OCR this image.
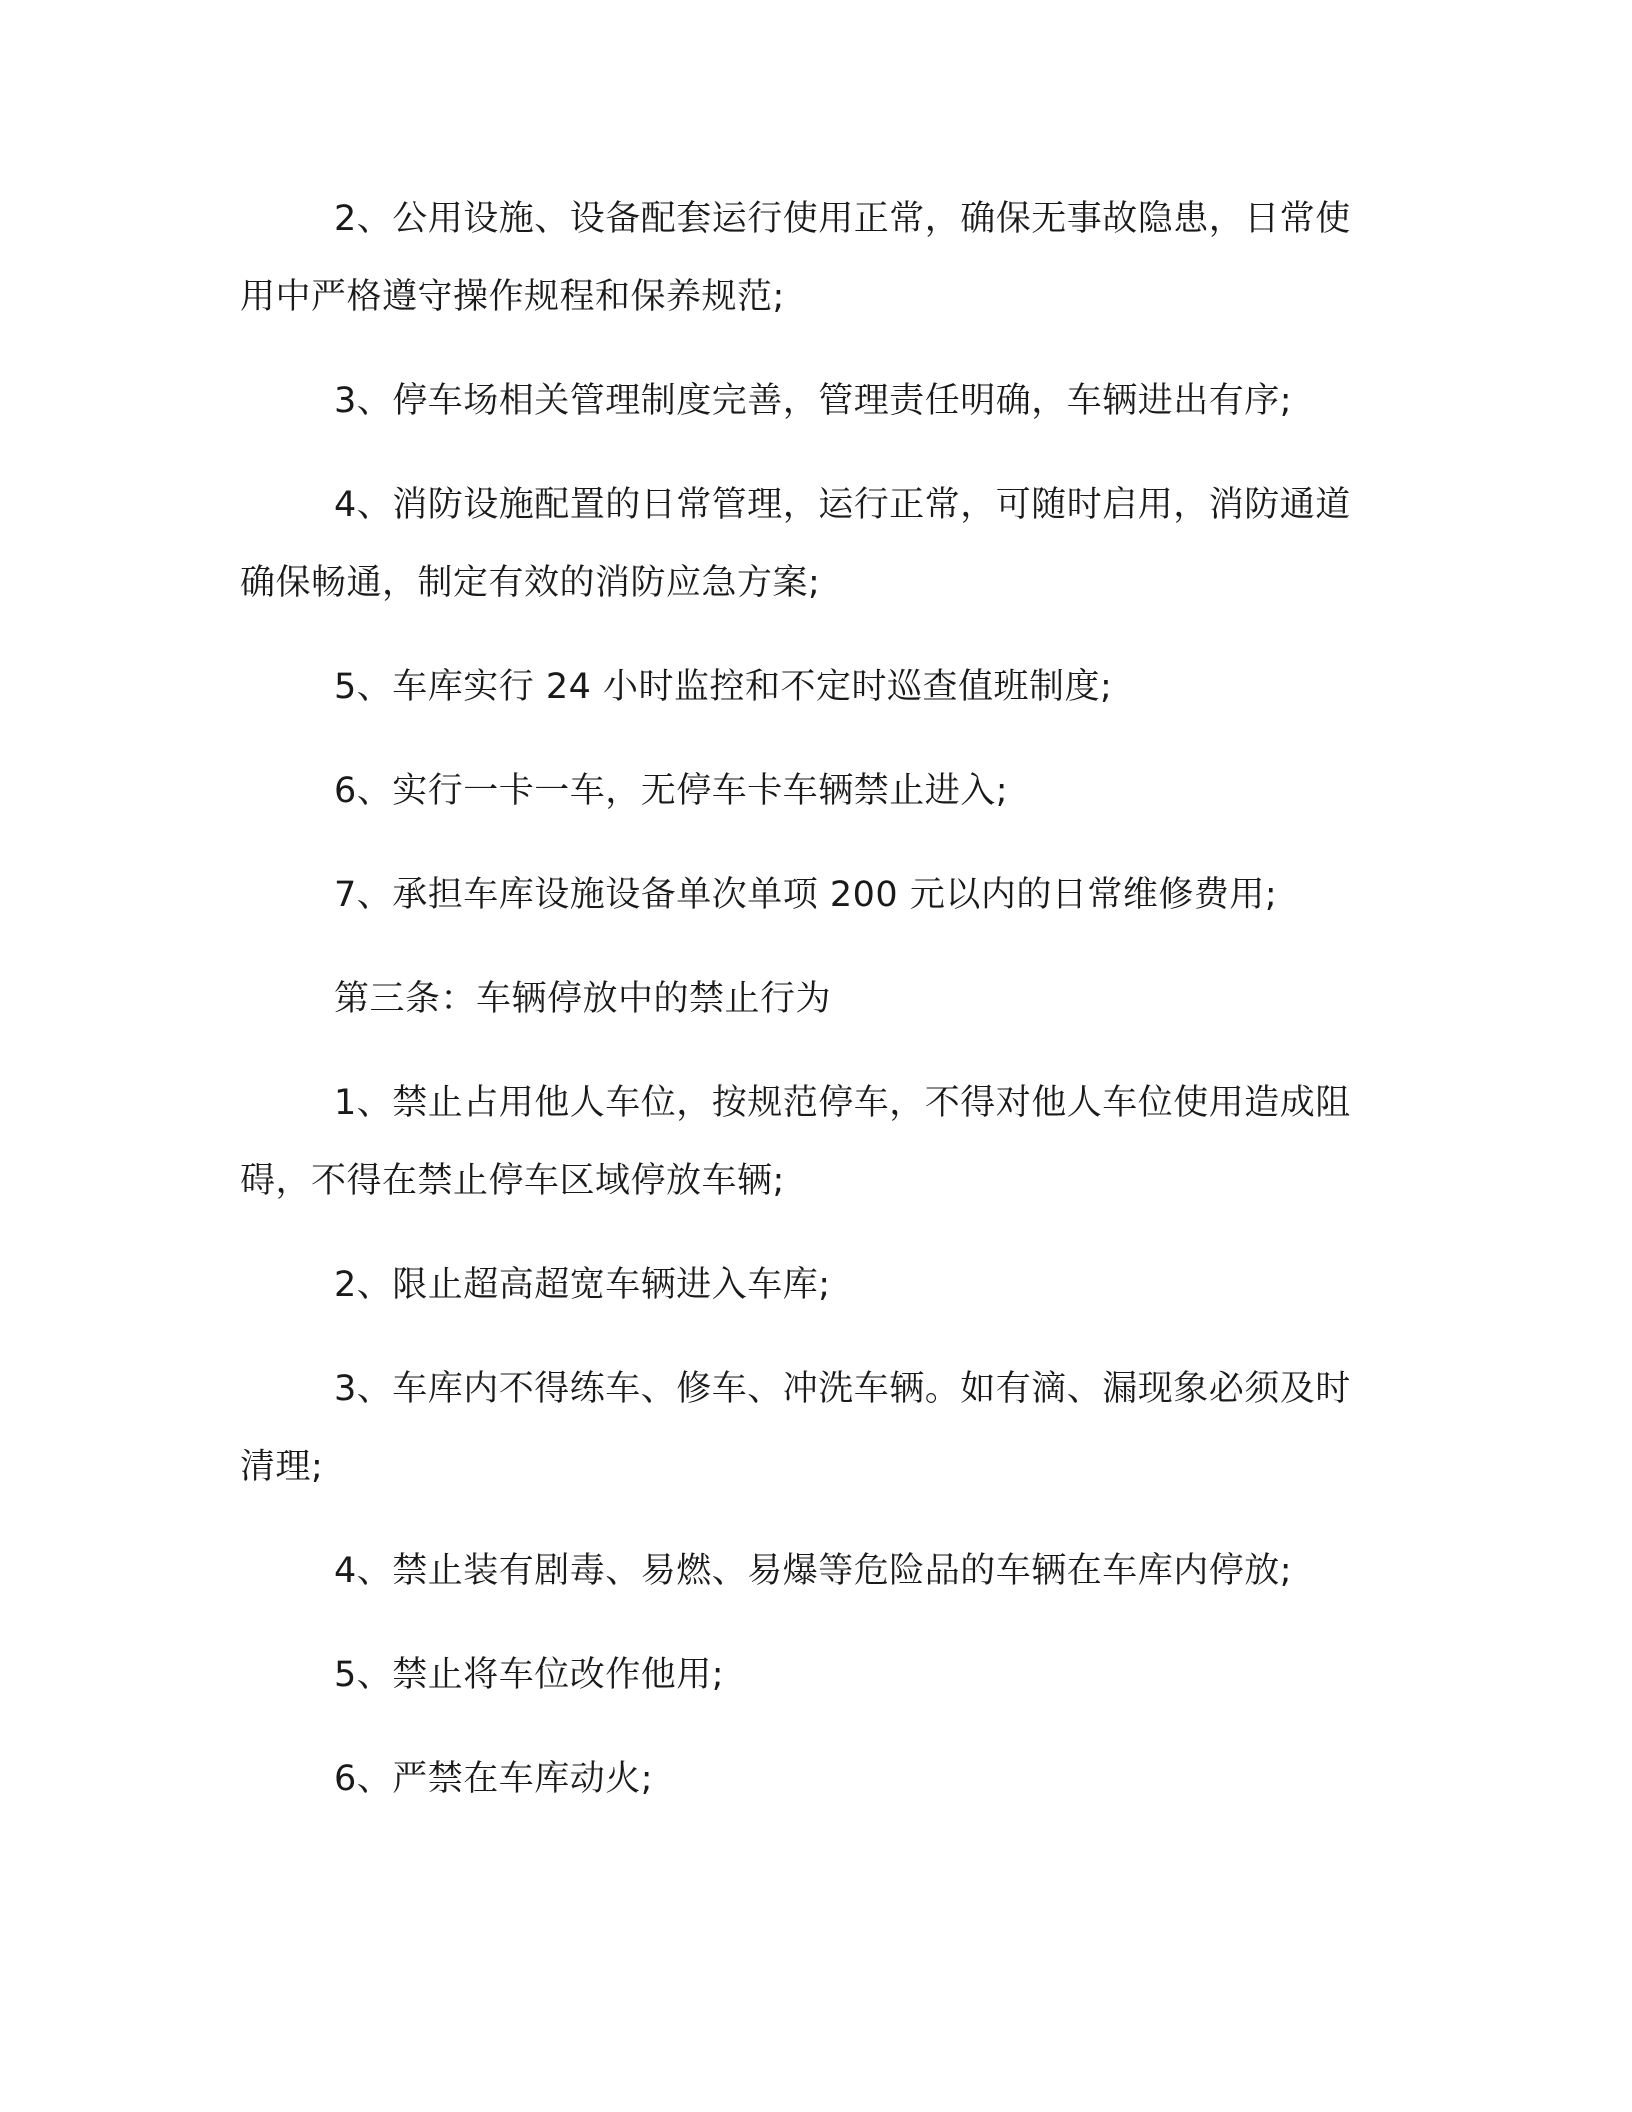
2、公用设施、设备配套运行使用正常，确保无事故隐患，日常使用中严格遵守操作规程和保养规范;

3、停车场相关管理制度完善，管理责任明确，车辆进出有序;

4、消防设施配置的日常管理，运行正常，可随时启用，消防通道确保畅通，制定有效的消防应急方案;

5、车库实行 24 小时监控和不定时巡查值班制度;

6、实行一卡一车，无停车卡车辆禁止进入;

7、承担车库设施设备单次单项 200 元以内的日常维修费用;

第三条：车辆停放中的禁止行为

1、禁止占用他人车位，按规范停车，不得对他人车位使用造成阻碍，不得在禁止停车区域停放车辆;

2、限止超高超宽车辆进入车库;

3、车库内不得练车、修车、冲洗车辆。如有滴、漏现象必须及时清理;

4、禁止装有剧毒、易燃、易爆等危险品的车辆在车库内停放;

5、禁止将车位改作他用;

6、严禁在车库动火;
